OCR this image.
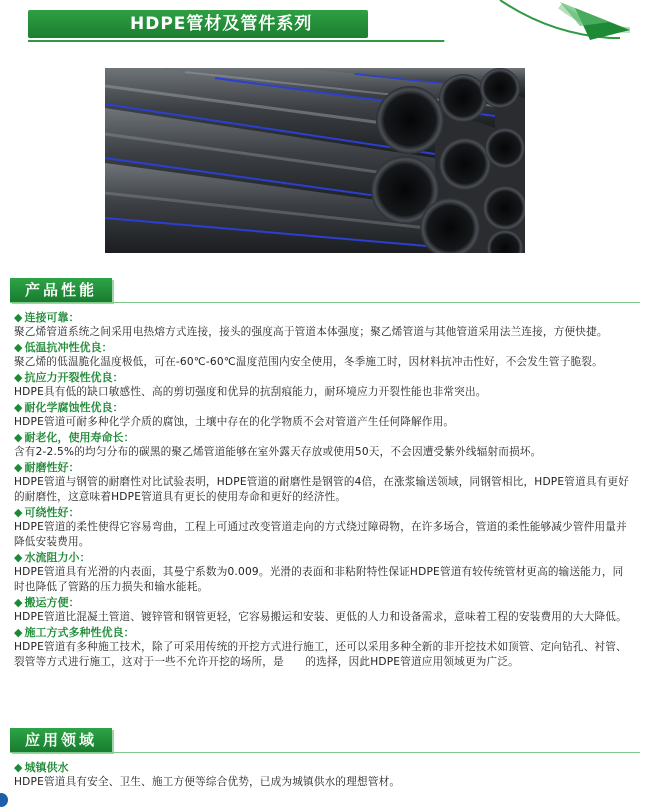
HDPE管材及管件系列
产品性能
◆ 连接可靠：
聚乙烯管道系统之间采用电热熔方式连接，接头的强度高于管道本体强度；聚乙烯管道与其他管道采用法兰连接，方便快捷。
◆ 低温抗冲性优良：
聚乙烯的低温脆化温度极低，可在-60℃-60℃温度范围内安全使用，冬季施工时，因材料抗冲击性好，不会发生管子脆裂。
◆ 抗应力开裂性优良：
HDPE具有低的缺口敏感性、高的剪切强度和优异的抗刮痕能力，耐环境应力开裂性能也非常突出。
◆ 耐化学腐蚀性优良：
HDPE管道可耐多种化学介质的腐蚀，土壤中存在的化学物质不会对管道产生任何降解作用。
◆ 耐老化，使用寿命长：
含有2-2.5%的均匀分布的碳黑的聚乙烯管道能够在室外露天存放或使用50天，不会因遭受紫外线辐射而损坏。
◆ 耐磨性好：
HDPE管道与钢管的耐磨性对比试验表明，HDPE管道的耐磨性是钢管的4倍，在涨浆输送领域，同钢管相比，HDPE管道具有更好的耐磨性，这意味着HDPE管道具有更长的使用寿命和更好的经济性。
◆ 可绕性好：
HDPE管道的柔性使得它容易弯曲，工程上可通过改变管道走向的方式绕过障碍物，在许多场合，管道的柔性能够减少管件用量并降低安装费用。
◆ 水流阻力小：
HDPE管道具有光滑的内表面，其曼宁系数为0.009。光滑的表面和非粘附特性保证HDPE管道有较传统管材更高的输送能力，同时也降低了管路的压力损失和输水能耗。
◆ 搬运方便：
HDPE管道比混凝土管道、镀锌管和钢管更轻，它容易搬运和安装、更低的人力和设备需求，意味着工程的安装费用的大大降低。
◆ 施工方式多种性优良：
HDPE管道有多种施工技术，除了可采用传统的开挖方式进行施工，还可以采用多种全新的非开挖技术如顶管、定向钻孔、衬管、裂管等方式进行施工，这对于一些不允许开挖的场所，是　　的选择，因此HDPE管道应用领域更为广泛。
应用领域
◆ 城镇供水
HDPE管道具有安全、卫生、施工方便等综合优势，已成为城镇供水的理想管材。
